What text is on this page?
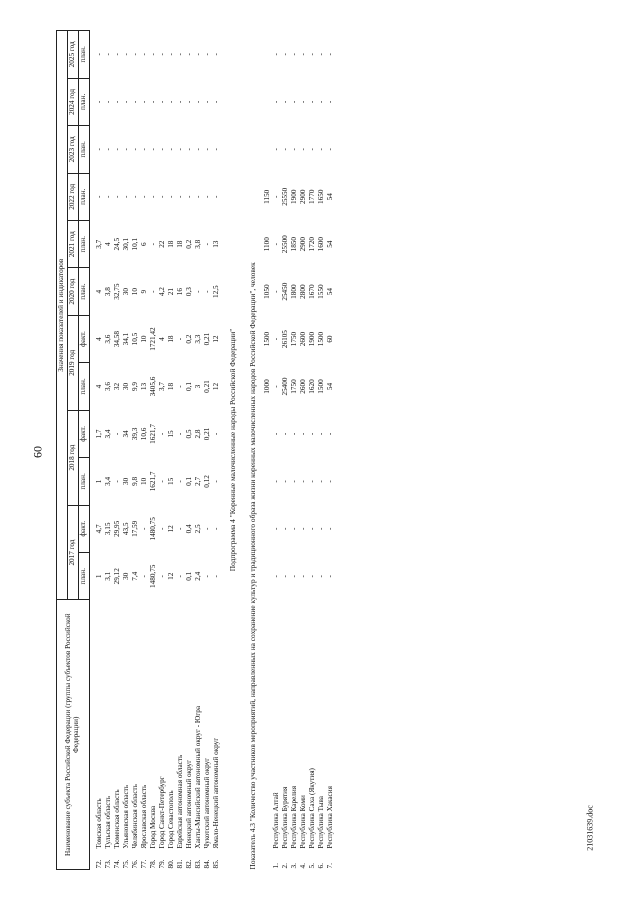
60
21031639.doc
Наименование субъекта Российской Федерации (группы субъектов Российской Федерации)	Значения показателей и индикаторов											
	2017 год		2018 год		2019 год		2020 год	2021 год	2022 год	2023 год	2024 год	2025 год
	план.	факт.	план.	факт.	план.	факт.	план.	план.	план.	план.	план.	план.

72.Томская область	1	4,7	1	1,7	4	4	4	3,7	-	-	-	-
73.Тульская область	3,1	3,15	3,4	3,4	3,6	3,6	3,8	4	-	-	-	-
74.Тюменская область	29,12	29,95	-	-	32	34,58	32,75	24,5	-	-	-	-
75.Ульяновская область	30	43,5	30	34	30	34,1	30	30,1	-	-	-	-
76.Челябинская область	7,4	17,59	9,8	39,3	9,9	10,5	10	10,1	-	-	-	-
77.Ярославская область	-	-	10	10,6	13	10	9	6	-	-	-	-
78.Город Москва	1480,75	1480,75	1621,7	1621,7	3405,6	1721,42	-	-	-	-	-	-
79.Город Санкт-Петербург	-	-	-	-	3,7	4	4,2	22	-	-	-	-
80.Город Севастополь	12	12	15	15	18	18	21	18	-	-	-	-
81.Еврейская автономная область	-	-	-	-	-	-	16	18	-	-	-	-
82.Ненецкий автономный округ	0,1	0,4	0,1	0,5	0,1	0,2	0,3	0,2	-	-	-	-
83.Ханты-Мансийский автономный округ - Югра	2,4	2,5	2,7	2,8	3	3,3	-	3,8	-	-	-	-
84.Чукотский автономный округ	-	-	0,12	0,21	0,21	0,21	-	-	-	-	-	-
85.Ямало-Ненецкий автономный округ	-	-	-	-	12	12	12,5	13	-	-	-	-
Подпрограмма 4 "Коренные малочисленные народы Российской Федерации"												
Показатель 4.3 "Количество участников мероприятий, направленных на сохранение культур и традиционного образа жизни коренных малочисленных народов Российской Федерации", человек												
					1000	1500	1050	1100	1150			
1.Республика Алтай	-	-	-	-	-	-	-	-	-	-	-	-
2.Республика Бурятия	-	-	-	-	25400	26105	25450	25500	25550	-	-	-
3.Республика Карелия	-	-	-	-	1750	1750	1800	1850	1900	-	-	-
4.Республика Коми	-	-	-	-	2600	2600	2800	2900	2900	-	-	-
5.Республика Саха (Якутия)	-	-	-	-	1620	1900	1670	1720	1770	-	-	-
6.Республика Тыва	-	-	-	-	1500	1500	1550	1600	1650	-	-	-
7.Республика Хакасия	-	-	-	-	54	60	54	54	54	-	-	-
